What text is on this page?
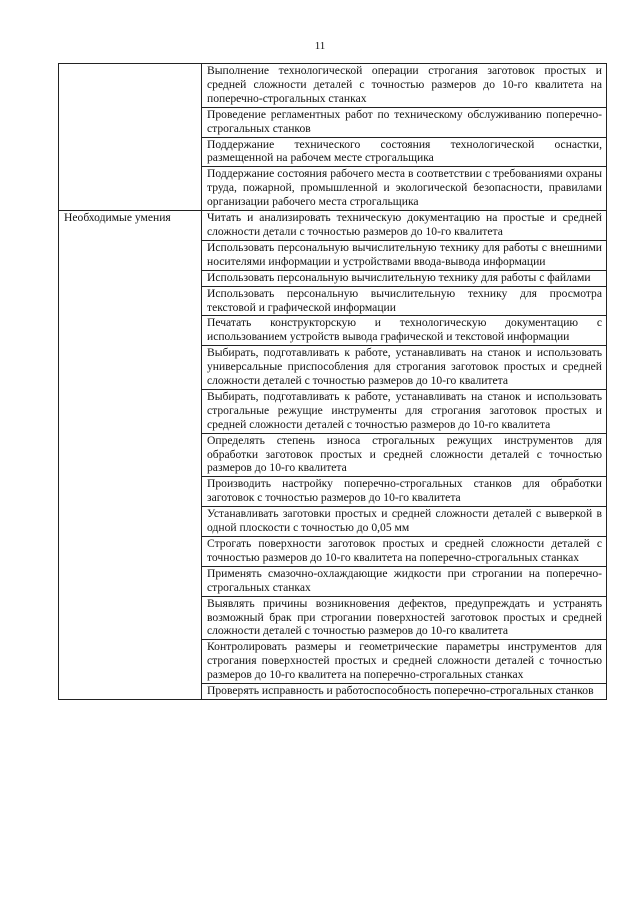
11
	Выполнение технологической операции строгания заготовок простых и средней сложности деталей с точностью размеров до 10-го квалитета на поперечно-строгальных станках
	Проведение регламентных работ по техническому обслуживанию поперечно-строгальных станков
	Поддержание технического состояния технологической оснастки, размещенной на рабочем месте строгальщика
	Поддержание состояния рабочего места в соответствии с требованиями охраны труда, пожарной, промышленной и экологической безопасности, правилами организации рабочего места строгальщика
Необходимые умения	Читать и анализировать техническую документацию на простые и средней сложности детали с точностью размеров до 10-го квалитета
	Использовать персональную вычислительную технику для работы с внешними носителями информации и устройствами ввода-вывода информации
	Использовать персональную вычислительную технику для работы с файлами
	Использовать персональную вычислительную технику для просмотра текстовой и графической информации
	Печатать конструкторскую и технологическую документацию с использованием устройств вывода графической и текстовой информации
	Выбирать, подготавливать к работе, устанавливать на станок и использовать универсальные приспособления для строгания заготовок простых и средней сложности деталей с точностью размеров до 10-го квалитета
	Выбирать, подготавливать к работе, устанавливать на станок и использовать строгальные режущие инструменты для строгания заготовок простых и средней сложности деталей с точностью размеров до 10-го квалитета
	Определять степень износа строгальных режущих инструментов для обработки заготовок простых и средней сложности деталей с точностью размеров до 10-го квалитета
	Производить настройку поперечно-строгальных станков для обработки заготовок с точностью размеров до 10-го квалитета
	Устанавливать заготовки простых и средней сложности деталей с выверкой в одной плоскости с точностью до 0,05 мм
	Строгать поверхности заготовок простых и средней сложности деталей с точностью размеров до 10-го квалитета на поперечно-строгальных станках
	Применять смазочно-охлаждающие жидкости при строгании на поперечно-строгальных станках
	Выявлять причины возникновения дефектов, предупреждать и устранять возможный брак при строгании поверхностей заготовок простых и средней сложности деталей с точностью размеров до 10-го квалитета
	Контролировать размеры и геометрические параметры инструментов для строгания поверхностей простых и средней сложности деталей с точностью размеров до 10-го квалитета на поперечно-строгальных станках
	Проверять исправность и работоспособность поперечно-строгальных станков
